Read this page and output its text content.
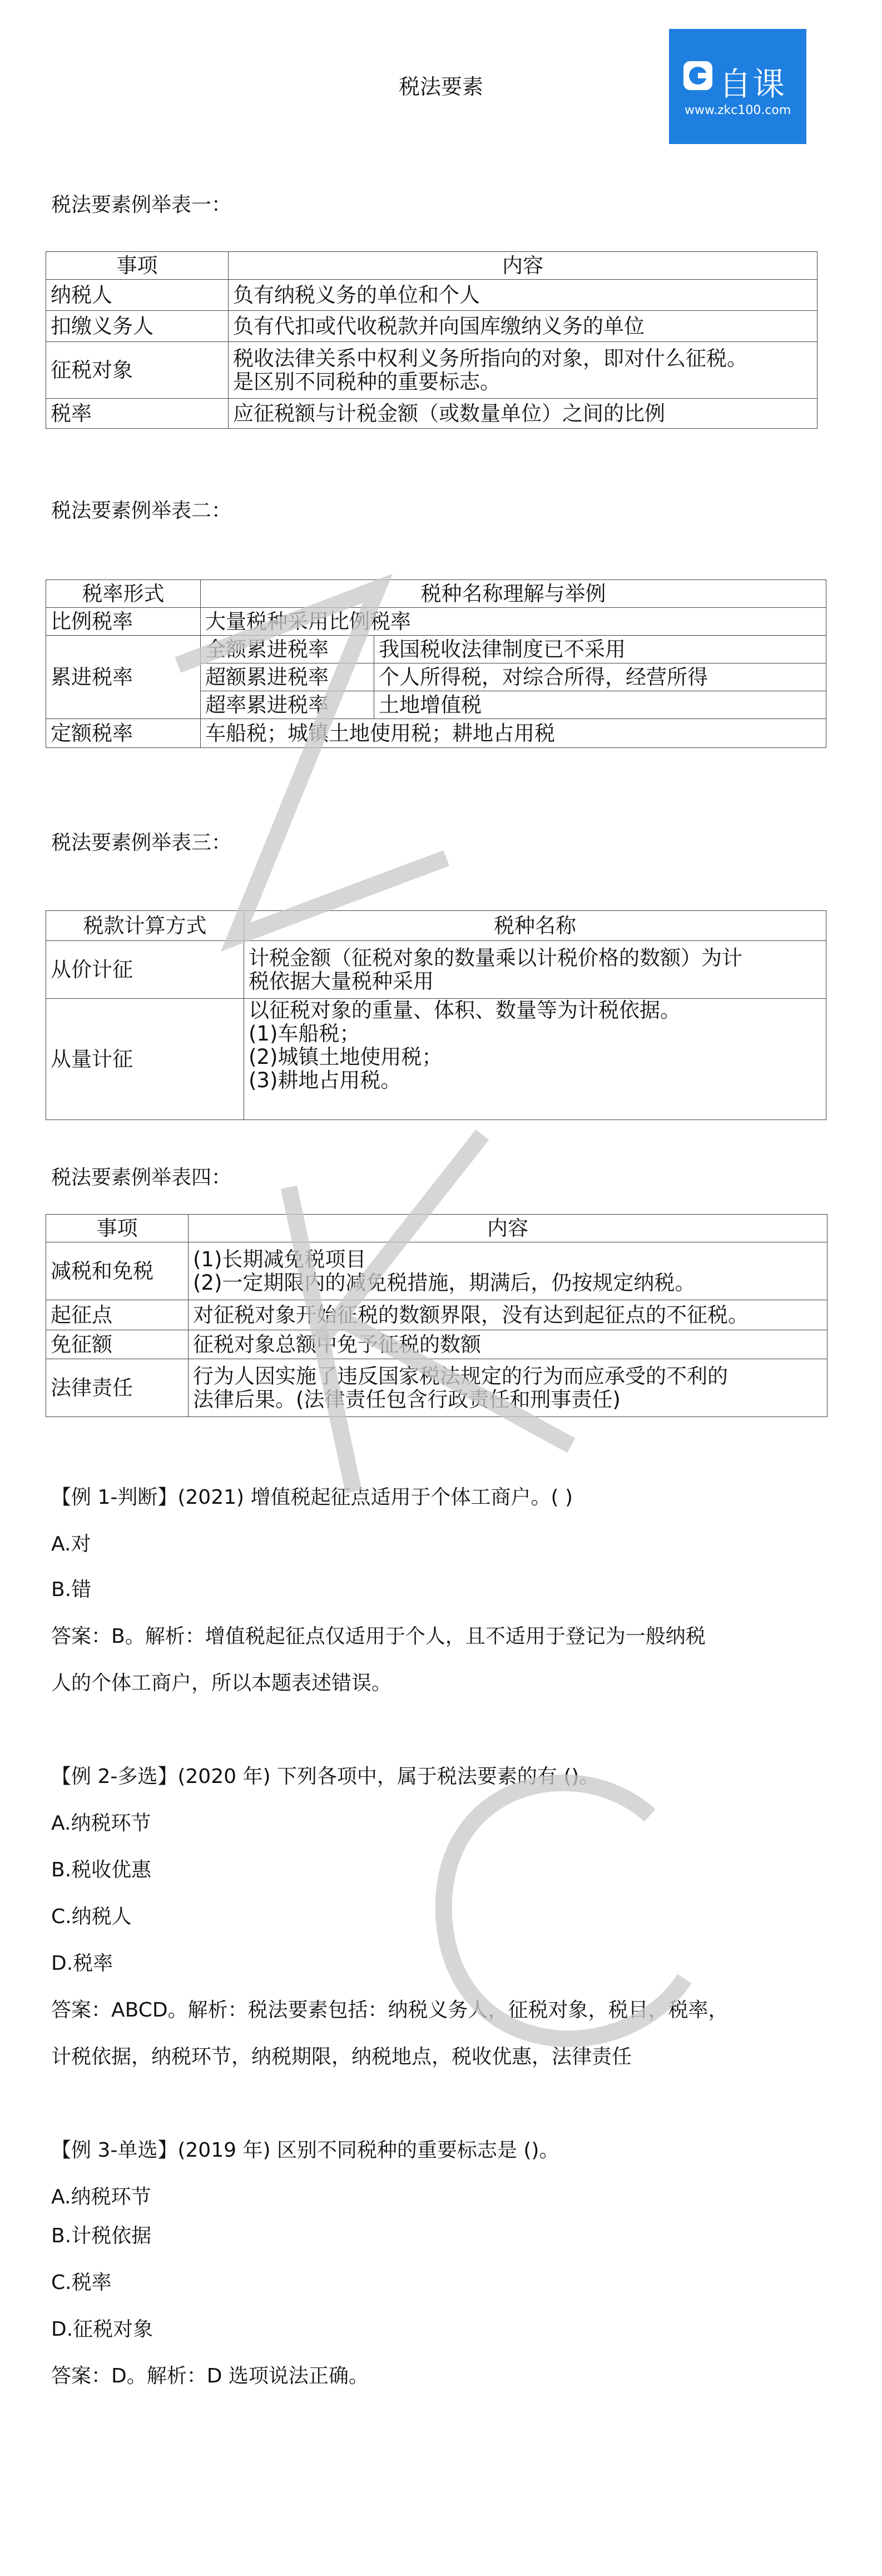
税法要素	自课
www.zkc100.com
税法要素例举表一：
事项	内容
纳税人	负有纳税义务的单位和个人
扣缴义务人	负有代扣或代收税款并向国库缴纳义务的单位
征税对象	税收法律关系中权利义务所指向的对象，即对什么征税。
是区别不同税种的重要标志。

税率	应征税额与计税金额（或数量单位）之间的比例
税法要素例举表二：
税率形式	税种名称理解与举例	
比例税率	大量税种采用比例税率	
累进税率	全额累进税率	我国税收法律制度已不采用
	超额累进税率	个人所得税，对综合所得，经营所得
	超率累进税率	土地增值税
定额税率	车船税；城镇土地使用税；耕地占用税	
税法要素例举表三：
税款计算方式	税种名称
从价计征	计税金额（征税对象的数量乘以计税价格的数额）为计
税依据大量税种采用

从量计征	以征税对象的重量、体积、数量等为计税依据。
(1)车船税；
(2)城镇土地使用税；
(3)耕地占用税。
税法要素例举表四：
事项	内容
减税和免税	(1)长期减免税项目
(2)一定期限内的减免税措施，期满后，仍按规定纳税。

起征点	对征税对象开始征税的数额界限，没有达到起征点的不征税。
免征额	征税对象总额中免予征税的数额
法律责任	行为人因实施了违反国家税法规定的行为而应承受的不利的
法律后果。(法律责任包含行政责任和刑事责任)
【例 1-判断】(2021) 增值税起征点适用于个体工商户。( )
A.对
B.错
答案：B。解析：增值税起征点仅适用于个人，且不适用于登记为一般纳税
人的个体工商户，所以本题表述错误。
【例 2-多选】(2020 年) 下列各项中，属于税法要素的有 ()。
A.纳税环节
B.税收优惠
C.纳税人
D.税率
答案：ABCD。解析：税法要素包括：纳税义务人，征税对象，税目，税率，
计税依据，纳税环节，纳税期限，纳税地点，税收优惠，法律责任
【例 3-单选】(2019 年) 区别不同税种的重要标志是 ()。
A.纳税环节
B.计税依据
C.税率
D.征税对象
答案：D。解析：D 选项说法正确。
